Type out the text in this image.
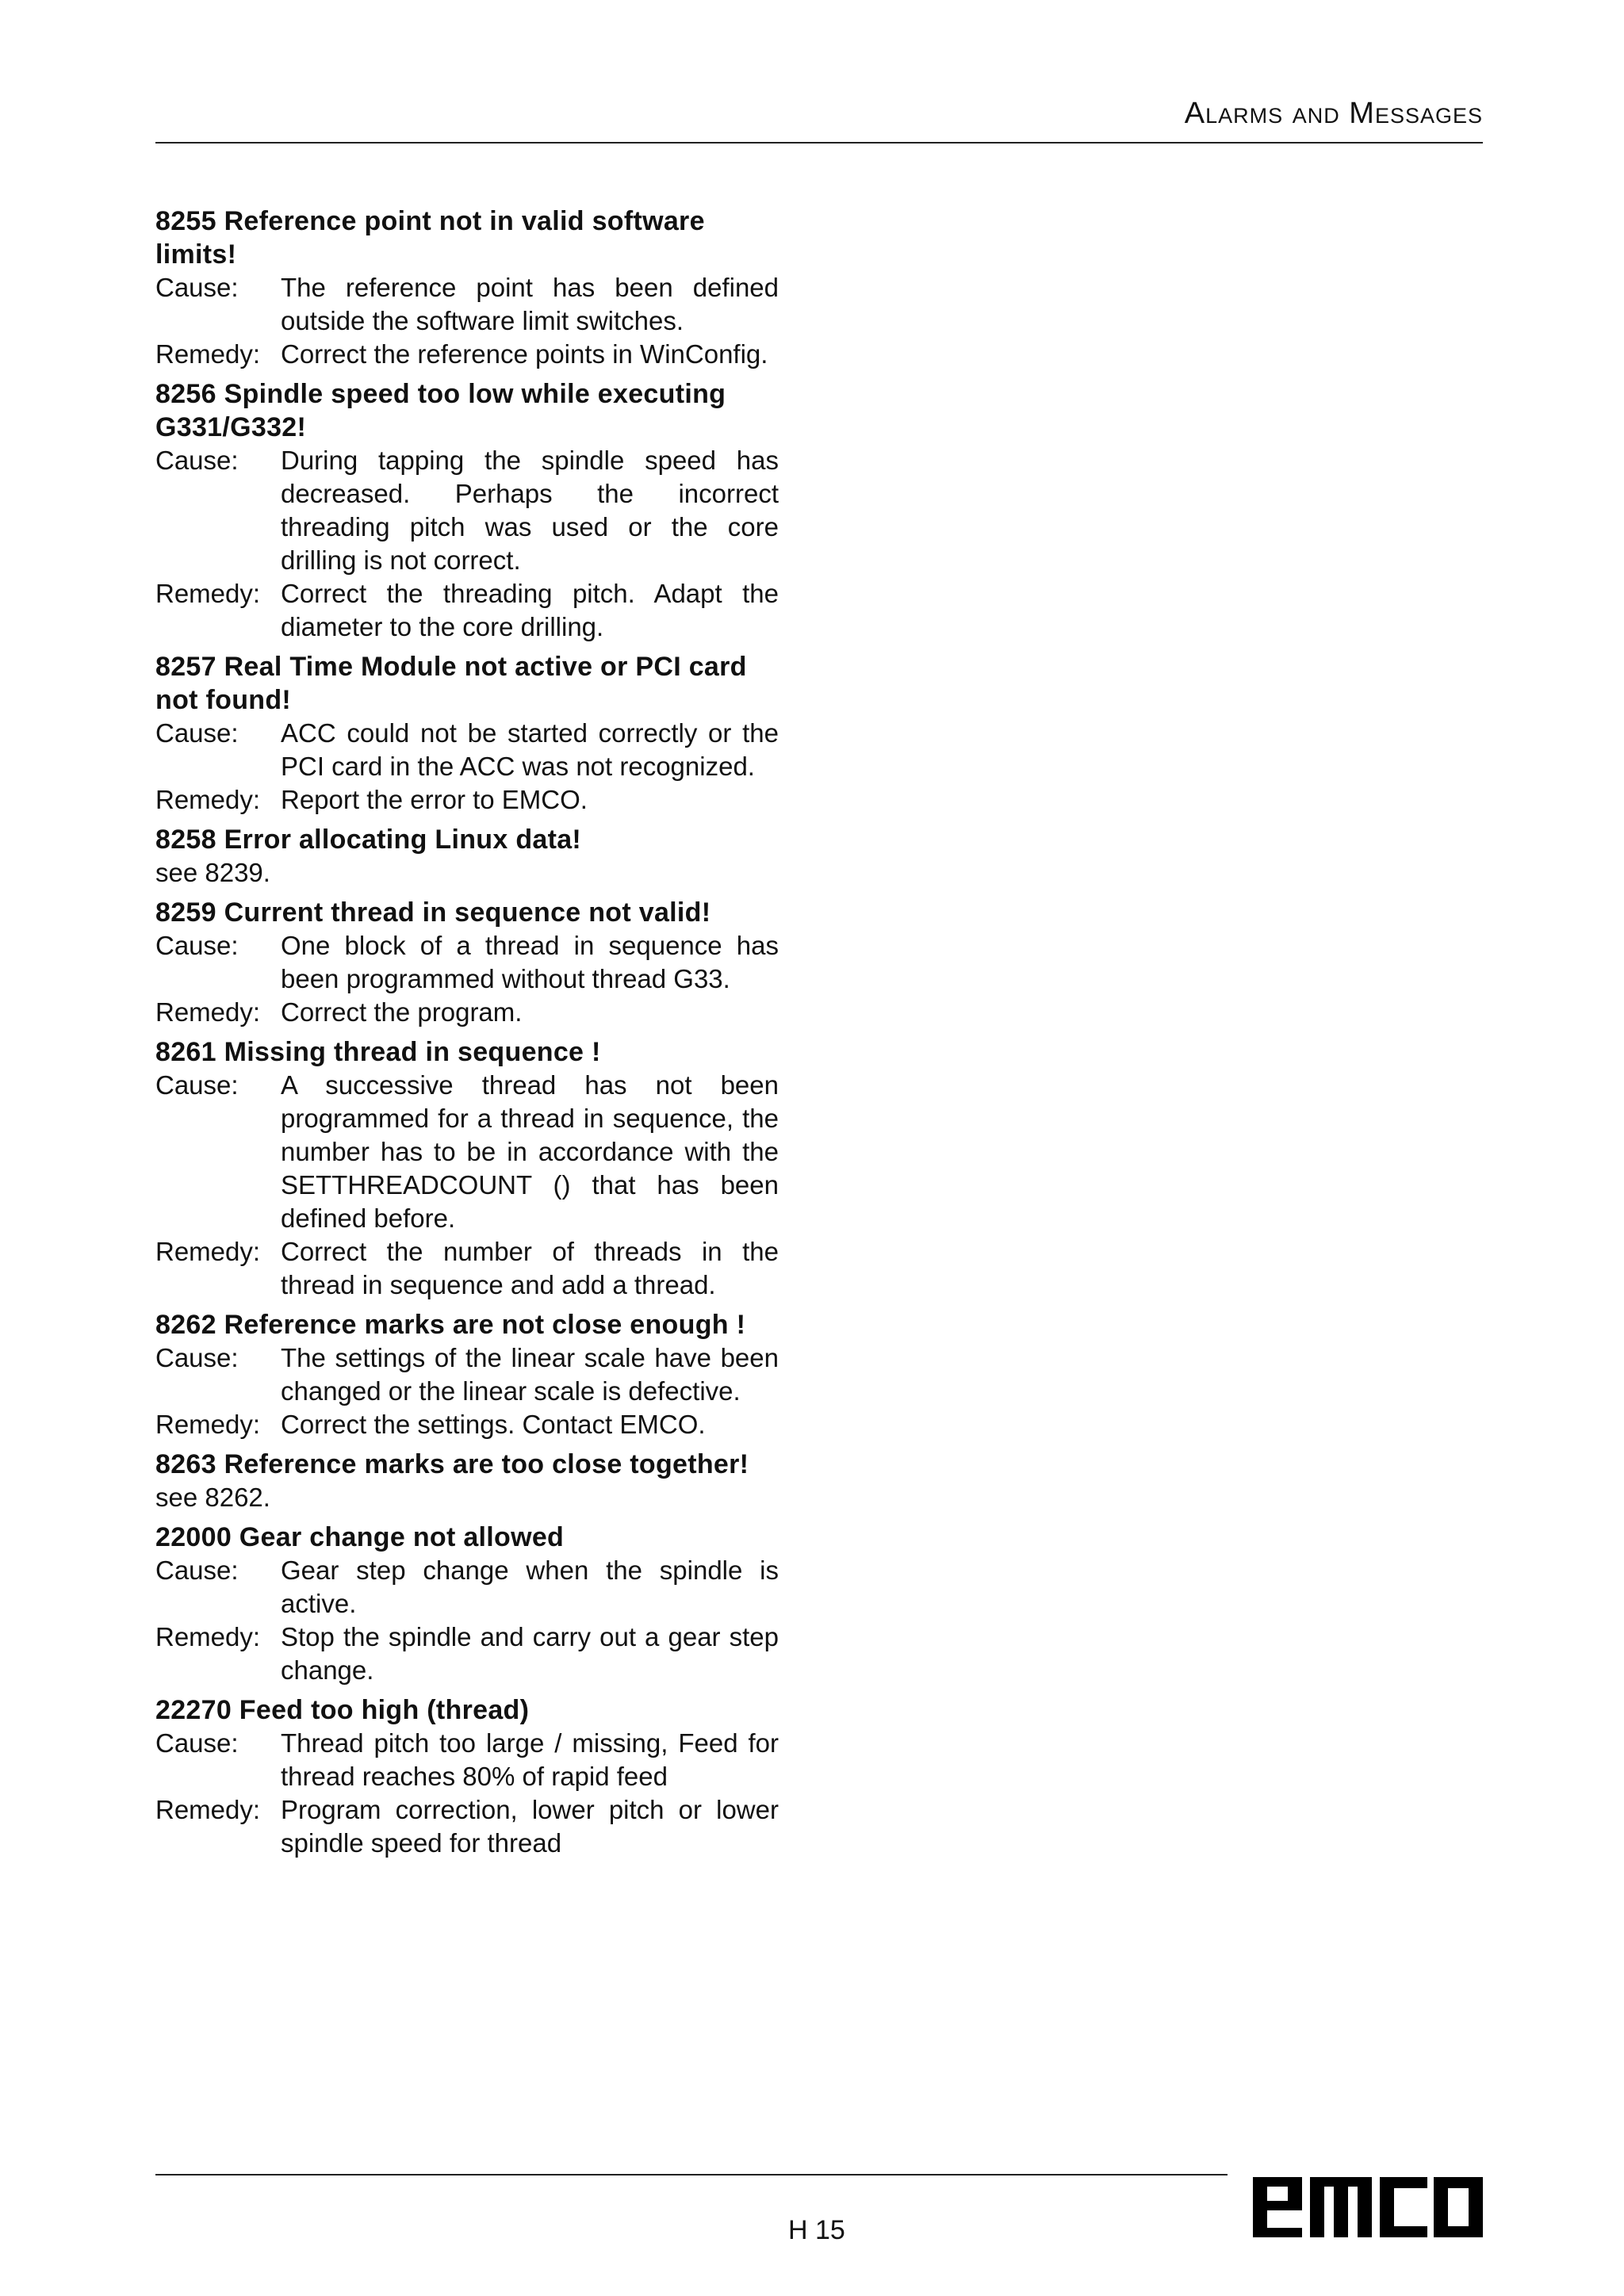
Alarms and Messages
8255 Reference point not in valid software limits!
Cause:	The reference point has been defined outside the software limit switches.
Remedy: Correct the reference points in WinConfig.
8256 Spindle speed too low while executing G331/G332!
Cause:	During tapping the spindle speed has decreased. Perhaps the incorrect threading pitch was used or the core drilling is not correct.
Remedy: Correct the threading pitch. Adapt the diameter to the core drilling.
8257 Real Time Module not active or PCI card not found!
Cause:	ACC could not be started correctly or the PCI card in the ACC was not recognized.
Remedy: Report the error to EMCO.
8258 Error allocating Linux data!
see 8239.
8259 Current thread in sequence not valid!
Cause:	One block of a thread in sequence has been programmed without thread G33.
Remedy: Correct the program.
8261 Missing thread in sequence !
Cause:	A successive thread has not been programmed for a thread in sequence, the number has to be in accordance with the SETTHREADCOUNT () that has been defined before.
Remedy: Correct the number of threads in the thread in sequence and add a thread.
8262 Reference marks are not close enough !
Cause:	The settings of the linear scale have been changed or the linear scale is defective.
Remedy: Correct the settings. Contact EMCO.
8263 Reference marks are too close together!
see 8262.
22000 Gear change not allowed
Cause:	Gear step change when the spindle is active.
Remedy: Stop the spindle and carry out a gear step change.
22270 Feed too high (thread)
Cause:	Thread pitch too large / missing, Feed for thread reaches 80% of rapid feed
Remedy: Program correction, lower pitch or lower spindle speed for thread
H 15
